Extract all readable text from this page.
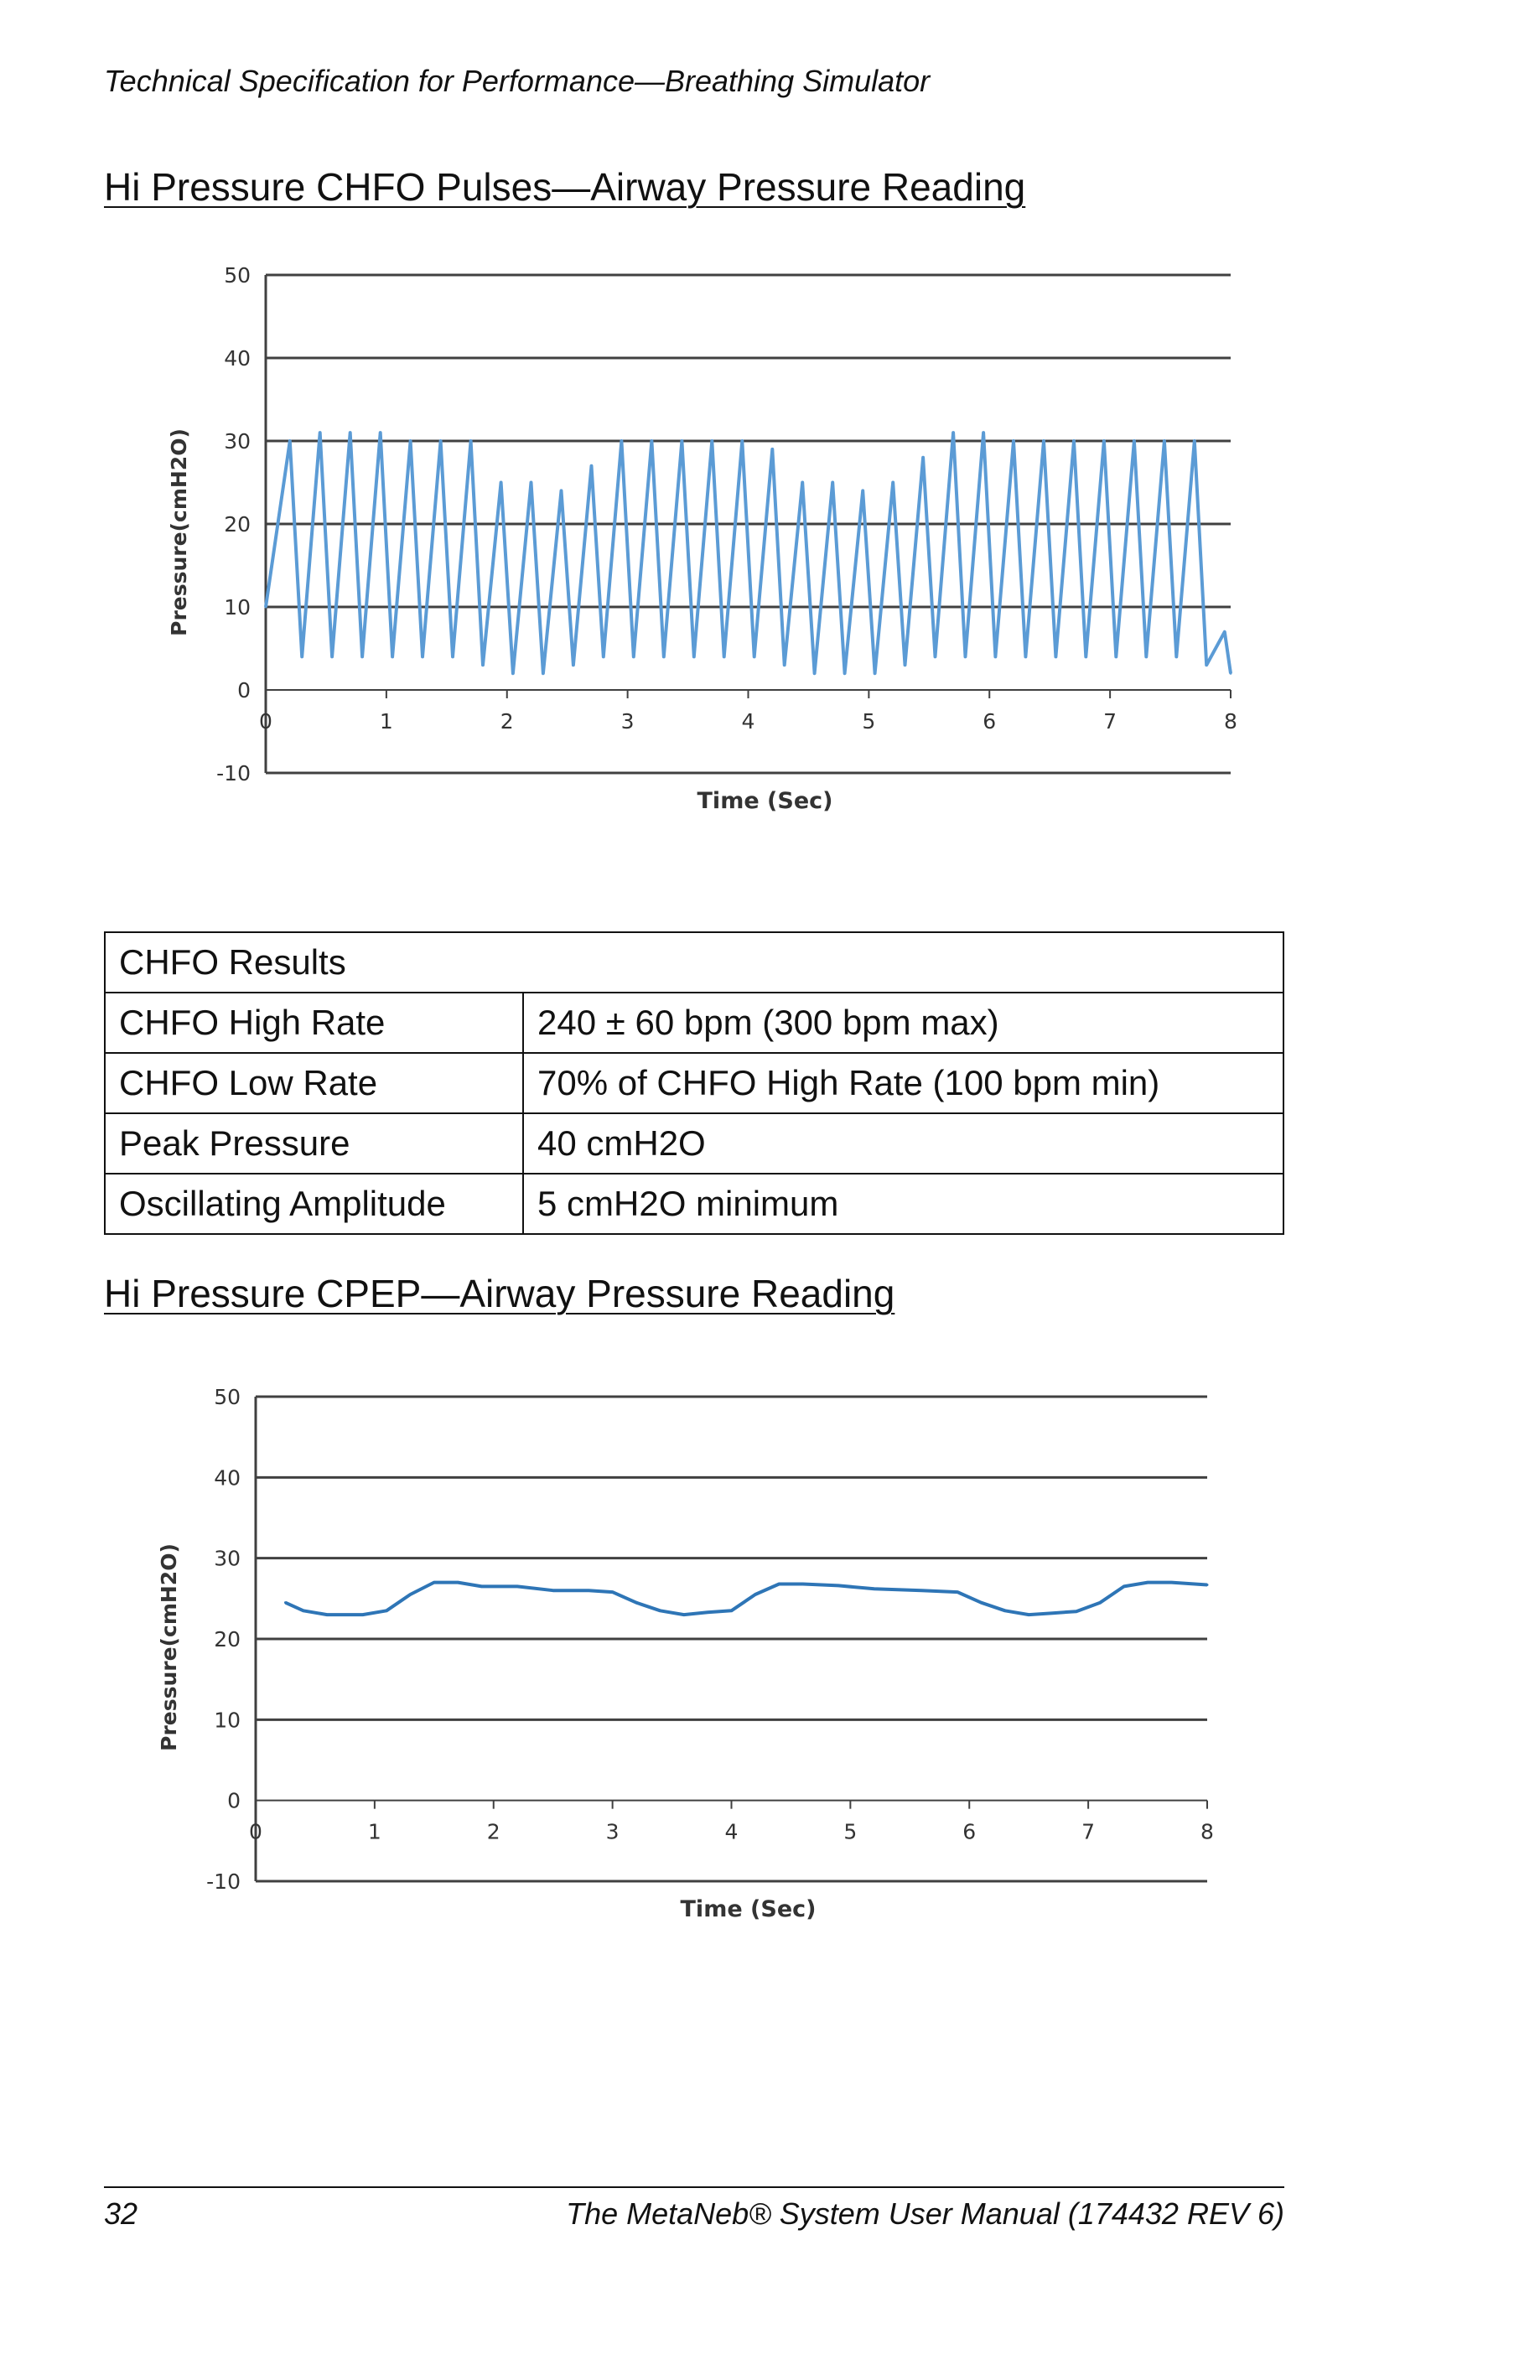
Technical Specification for Performance—Breathing Simulator
Hi Pressure CHFO Pulses—Airway Pressure Reading
50
40
30
20
10
0
-10
0	1	2	3	4	5	6	7	8
Time (Sec)
Pressure(cmH2O)
CHFO Results	
CHFO High Rate	240 ± 60 bpm (300 bpm max)
CHFO Low Rate	70% of CHFO High Rate (100 bpm min)
Peak Pressure	40 cmH2O
Oscillating Amplitude	5 cmH2O minimum
Hi Pressure CPEP—Airway Pressure Reading
50
40
30
20
10
0
-10
0	1	2	3	4	5	6	7	8
Time (Sec)
Pressure(cmH2O)
32	The MetaNeb® System User Manual (174432 REV 6)
